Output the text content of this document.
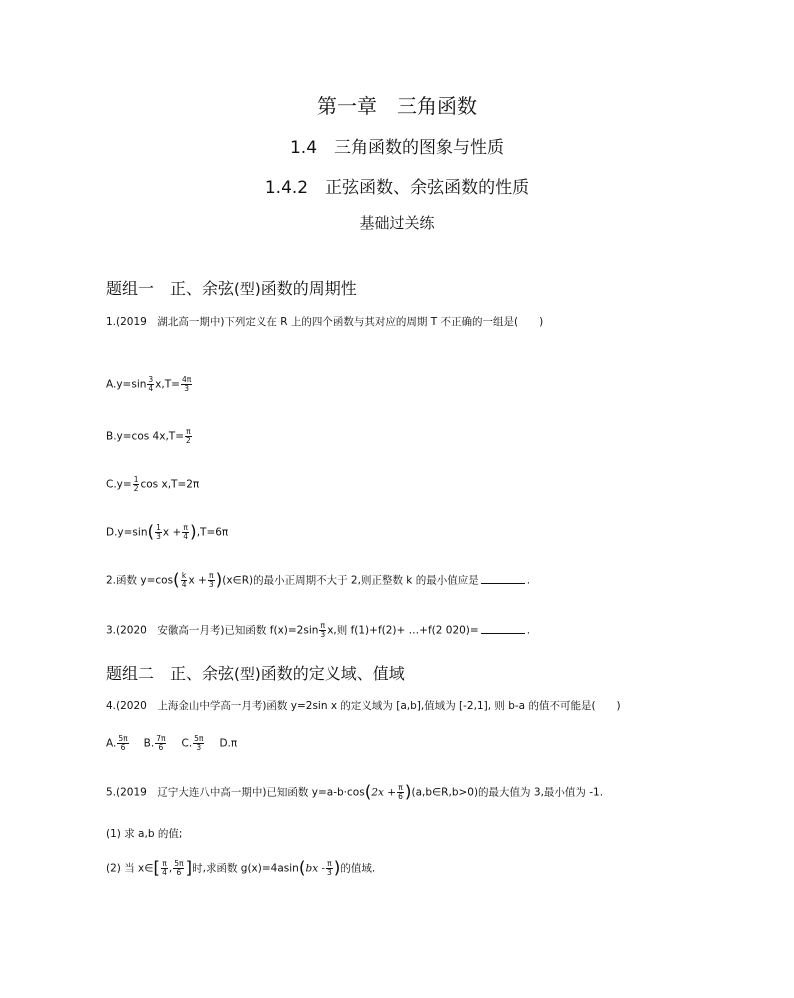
第一章　三角函数
1.4　三角函数的图象与性质
1.4.2　正弦函数、余弦函数的性质
基础过关练
题组一　正、余弦(型)函数的周期性
1.(2019　湖北高一期中)下列定义在 R 上的四个函数与其对应的周期 T 不正确的一组是(　　)
$A.y=\sin \frac{3}{4} x,T= \frac{4\pi}{3}$
B.y=cos $4x,T= \frac{\pi}{2}$
$C.y= \frac{1}{2}$ cos x,T=2π
$D.y=\sin( \frac{1}{3}$ $x + \frac{\pi}{4} ),T=6\pi$
2.函数 $y=\cos( \frac{k}{4}$ $x + \frac{\pi}{3}$ )(x∈R)的最小正周期不大于 2,则正整数 k 的最小值应是	.
3.(2020　安徽高一月考)已知函数 $f(x)=2\sin \frac{\pi}{3} x$,则 f(1)+f(2)+ …+f(2 020)=	.
题组二　正、余弦(型)函数的定义域、值域
4.(2020　上海金山中学高一月考)函数 y=2sin x 的定义域为 [a,b],值域为 [-2,1], 则 b-a 的值不可能是(　　)
A. $\frac{5\pi}{6} B$. $\frac{7\pi}{6} C$. $\frac{5\pi}{3} D.\pi$
5.(2019　辽宁大连八中高一期中)已知函数 $y=a-b\cdot\cos(2x + \frac{\pi}{6}$ )(a,b∈R,b>0)的最大值为 3,最小值为 -1.
(1) 求 a,b 的值;
(2) 当 x∈[ $\frac{\pi}{4}$ , $\frac{5\pi}{6}$ ]时,求函数 $g(x)=4asin(bx - \frac{\pi}{3}$ )的值域.
